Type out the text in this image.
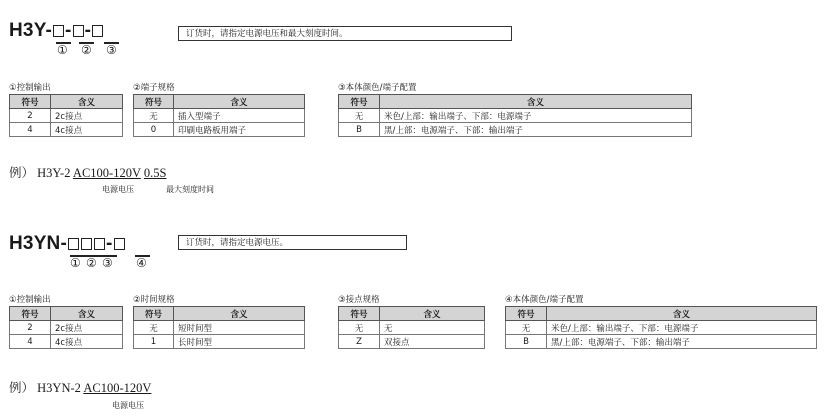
H3Y- - -
① ② ③
订货时，请指定电源电压和最大刻度时间。
①控制输出
符号	含义
2	2c接点
4	4c接点
②端子规格
符号	含义
无	插入型端子
0	印刷电路板用端子
③本体颜色/端子配置
符号	含义
无	米色/上部：输出端子、下部：电源端子
B	黑/上部：电源端子、下部：输出端子
例） H3Y-2 AC100-120V 0.5S
电源电压	最大刻度时间
H3YN- -
① ② ③ ④
订货时，请指定电源电压。
①控制输出
符号	含义
2	2c接点
4	4c接点
②时间规格
符号	含义
无	短时间型
1	长时间型
③接点规格
符号	含义
无	无
Z	双接点
④本体颜色/端子配置
符号	含义
无	米色/上部：输出端子、下部：电源端子
B	黑/上部：电源端子、下部：输出端子
例） H3YN-2 AC100-120V
电源电压
